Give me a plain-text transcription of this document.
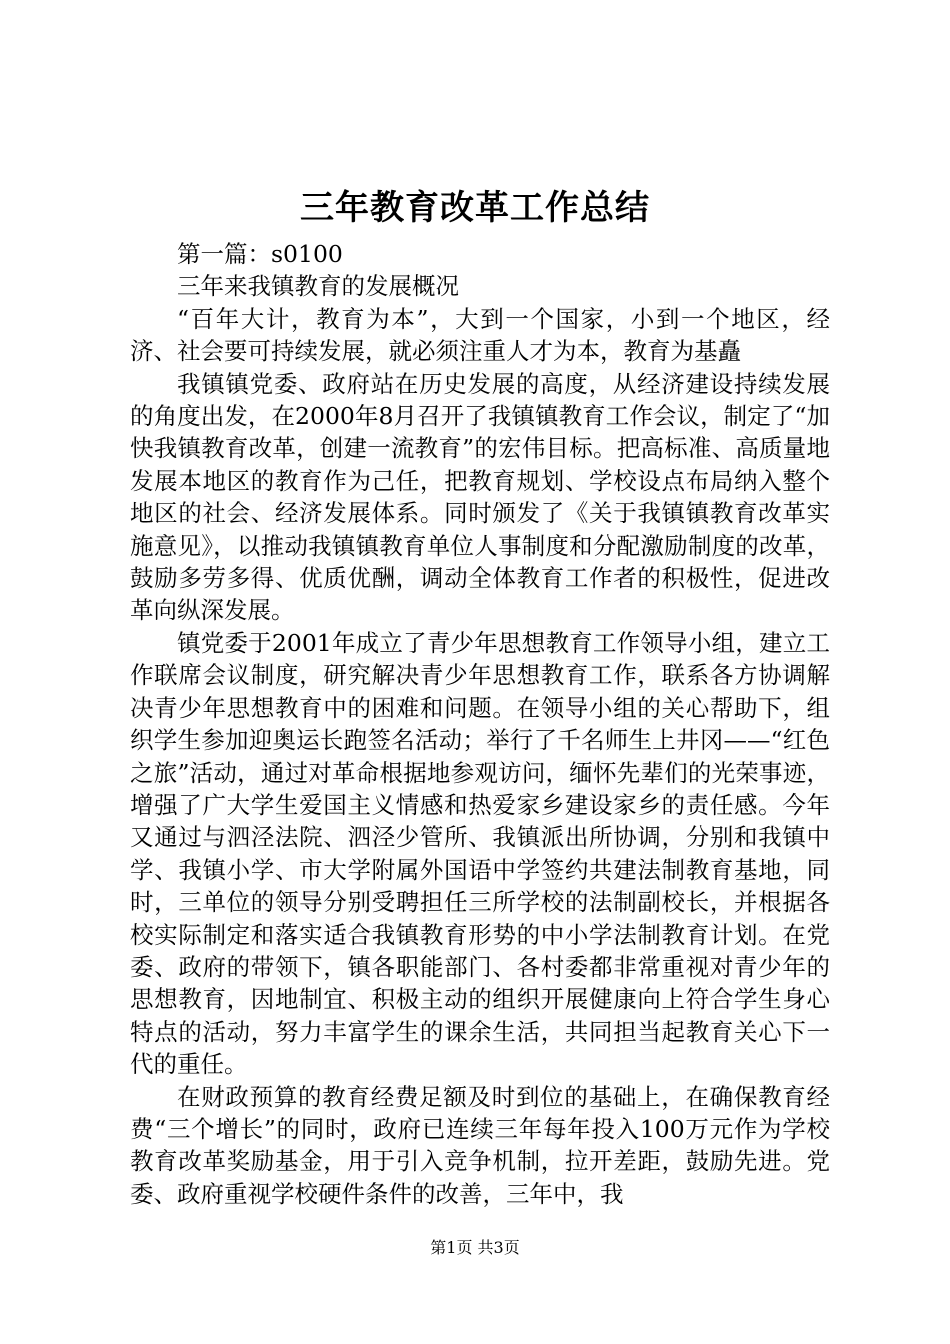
三年教育改革工作总结

第一篇：s0100

三年来我镇教育的发展概况

“百年大计，教育为本”，大到一个国家，小到一个地区，经济、社会要可持续发展，就必须注重人才为本，教育为基矗

我镇镇党委、政府站在历史发展的高度，从经济建设持续发展的角度出发，在2000年8月召开了我镇镇教育工作会议，制定了“加快我镇教育改革，创建一流教育”的宏伟目标。把高标准、高质量地发展本地区的教育作为己任，把教育规划、学校设点布局纳入整个地区的社会、经济发展体系。同时颁发了《关于我镇镇教育改革实施意见》，以推动我镇镇教育单位人事制度和分配激励制度的改革，鼓励多劳多得、优质优酬，调动全体教育工作者的积极性，促进改革向纵深发展。

镇党委于2001年成立了青少年思想教育工作领导小组，建立工作联席会议制度，研究解决青少年思想教育工作，联系各方协调解决青少年思想教育中的困难和问题。在领导小组的关心帮助下，组织学生参加迎奥运长跑签名活动；举行了千名师生上井冈——“红色之旅”活动，通过对革命根据地参观访问，缅怀先辈们的光荣事迹，增强了广大学生爱国主义情感和热爱家乡建设家乡的责任感。今年又通过与泗泾法院、泗泾少管所、我镇派出所协调，分别和我镇中学、我镇小学、市大学附属外国语中学签约共建法制教育基地，同时，三单位的领导分别受聘担任三所学校的法制副校长，并根据各校实际制定和落实适合我镇教育形势的中小学法制教育计划。在党委、政府的带领下，镇各职能部门、各村委都非常重视对青少年的思想教育，因地制宜、积极主动的组织开展健康向上符合学生身心特点的活动，努力丰富学生的课余生活，共同担当起教育关心下一代的重任。

在财政预算的教育经费足额及时到位的基础上，在确保教育经费“三个增长”的同时，政府已连续三年每年投入100万元作为学校教育改革奖励基金，用于引入竞争机制，拉开差距，鼓励先进。党委、政府重视学校硬件条件的改善，三年中，我

第1页 共3页
